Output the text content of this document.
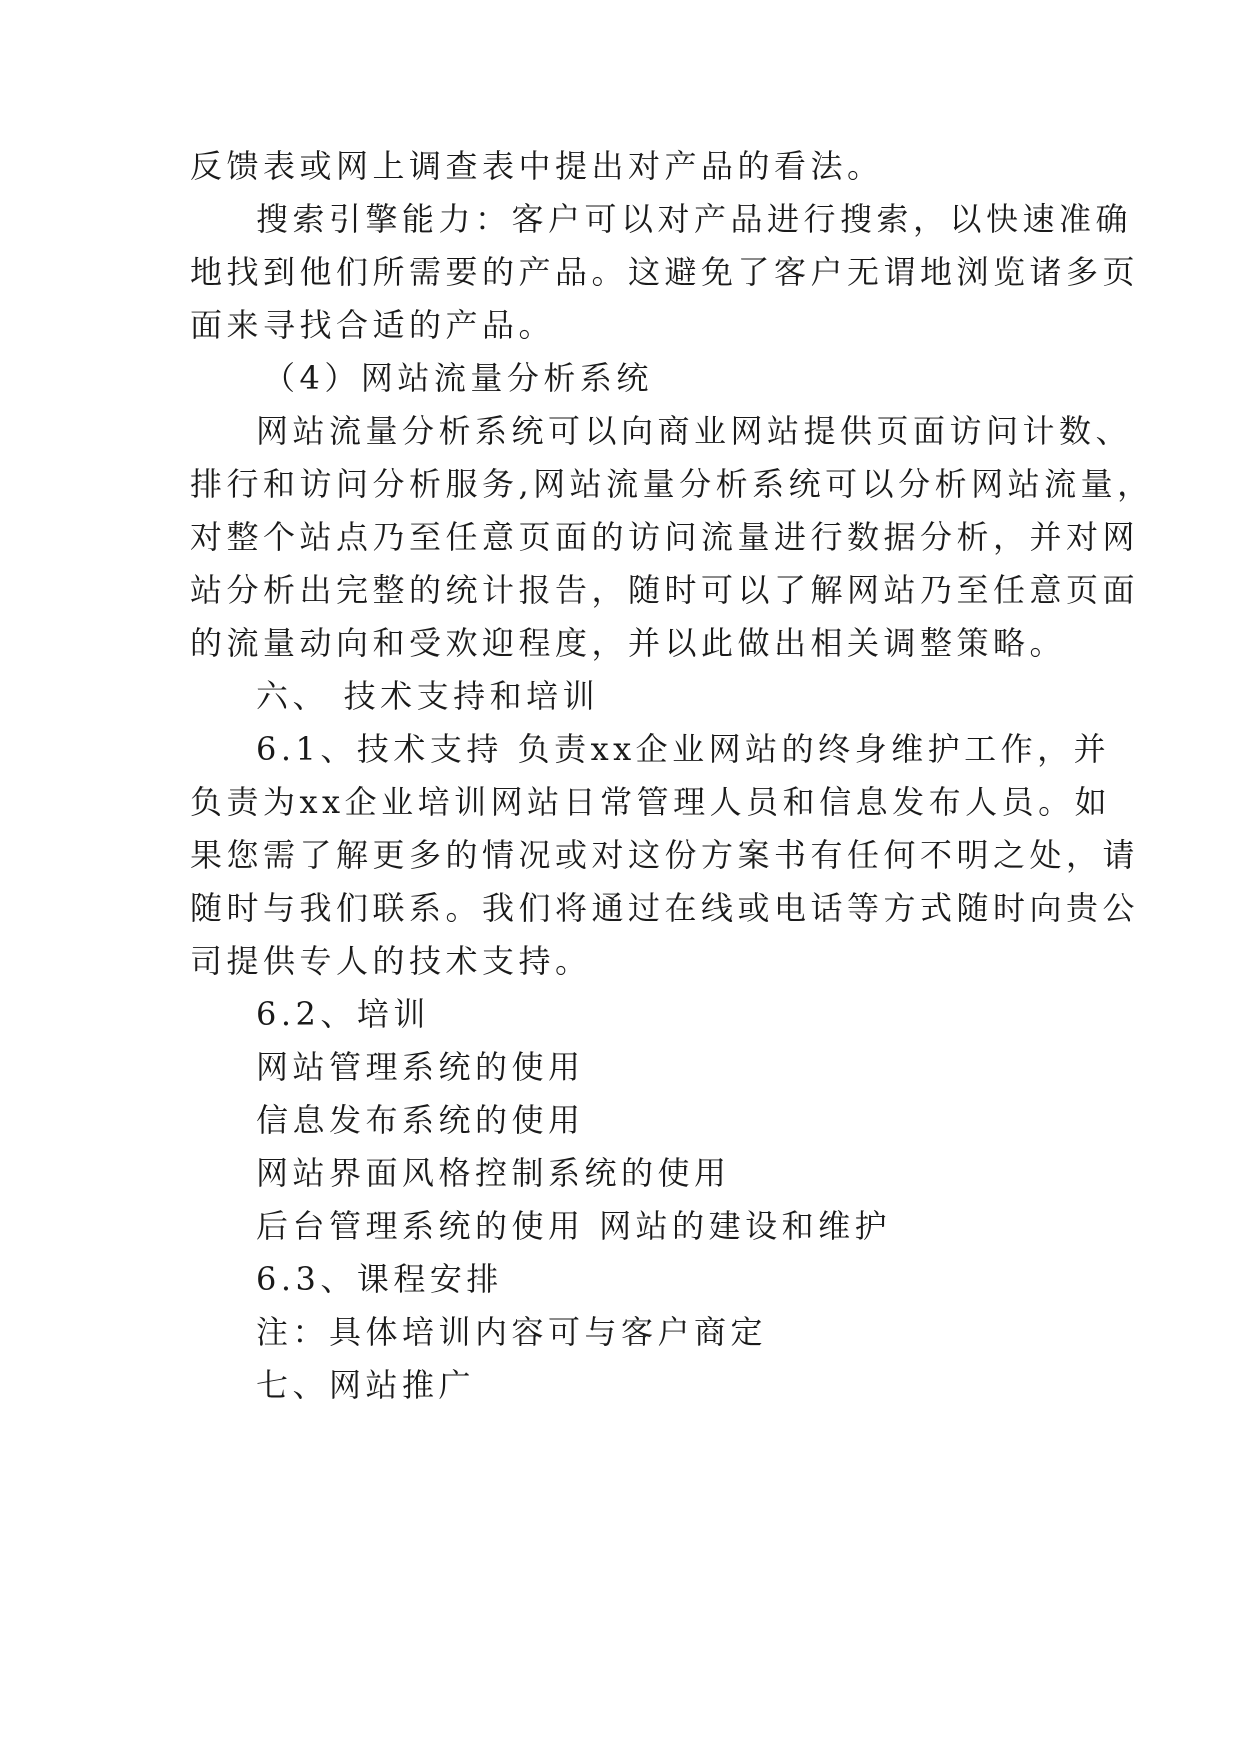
反馈表或网上调查表中提出对产品的看法。
搜索引擎能力：客户可以对产品进行搜索，以快速准确
地找到他们所需要的产品。这避免了客户无谓地浏览诸多页
面来寻找合适的产品。
（4）网站流量分析系统
网站流量分析系统可以向商业网站提供页面访问计数、
排行和访问分析服务,网站流量分析系统可以分析网站流量，
对整个站点乃至任意页面的访问流量进行数据分析，并对网
站分析出完整的统计报告，随时可以了解网站乃至任意页面
的流量动向和受欢迎程度，并以此做出相关调整策略。
六、 技术支持和培训
6.1、技术支持 负责xx企业网站的终身维护工作，并
负责为xx企业培训网站日常管理人员和信息发布人员。如
果您需了解更多的情况或对这份方案书有任何不明之处，请
随时与我们联系。我们将通过在线或电话等方式随时向贵公
司提供专人的技术支持。
6.2、培训
网站管理系统的使用
信息发布系统的使用
网站界面风格控制系统的使用
后台管理系统的使用 网站的建设和维护
6.3、课程安排
注：具体培训内容可与客户商定
七、网站推广
